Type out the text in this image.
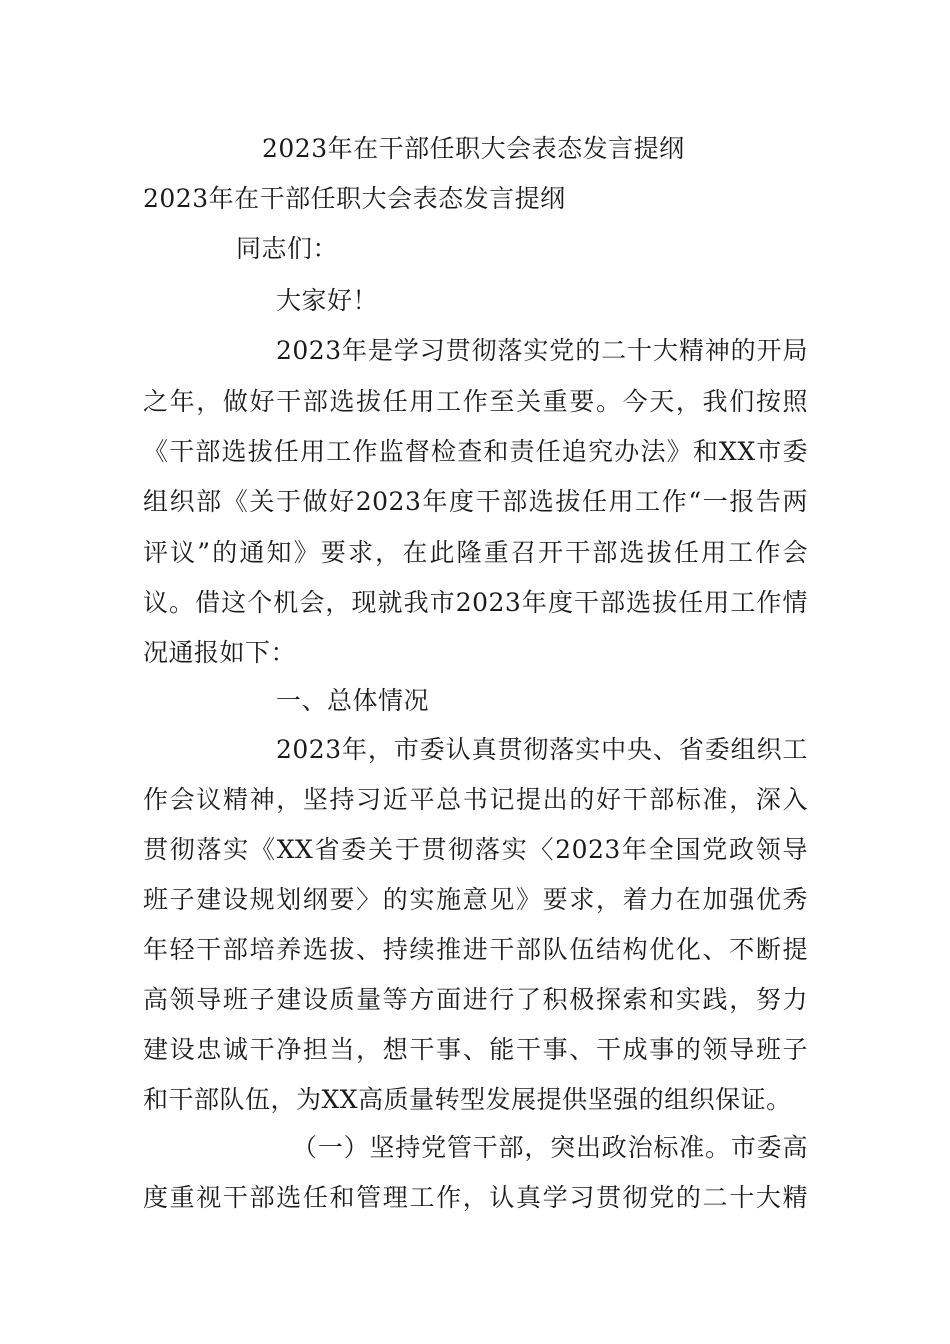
2023年在干部任职大会表态发言提纲
2023年在干部任职大会表态发言提纲
同志们：
大家好！
2023年是学习贯彻落实党的二十大精神的开局
之年，做好干部选拔任用工作至关重要。今天，我们按照
《干部选拔任用工作监督检查和责任追究办法》和XX市委
组织部《关于做好2023年度干部选拔任用工作“一报告两
评议”的通知》要求，在此隆重召开干部选拔任用工作会
议。借这个机会，现就我市2023年度干部选拔任用工作情
况通报如下：
一、总体情况
2023年，市委认真贯彻落实中央、省委组织工
作会议精神，坚持习近平总书记提出的好干部标准，深入
贯彻落实《XX省委关于贯彻落实〈2023年全国党政领导
班子建设规划纲要〉的实施意见》要求，着力在加强优秀
年轻干部培养选拔、持续推进干部队伍结构优化、不断提
高领导班子建设质量等方面进行了积极探索和实践，努力
建设忠诚干净担当，想干事、能干事、干成事的领导班子
和干部队伍，为XX高质量转型发展提供坚强的组织保证。
（一）坚持党管干部，突出政治标准。市委高
度重视干部选任和管理工作，认真学习贯彻党的二十大精
